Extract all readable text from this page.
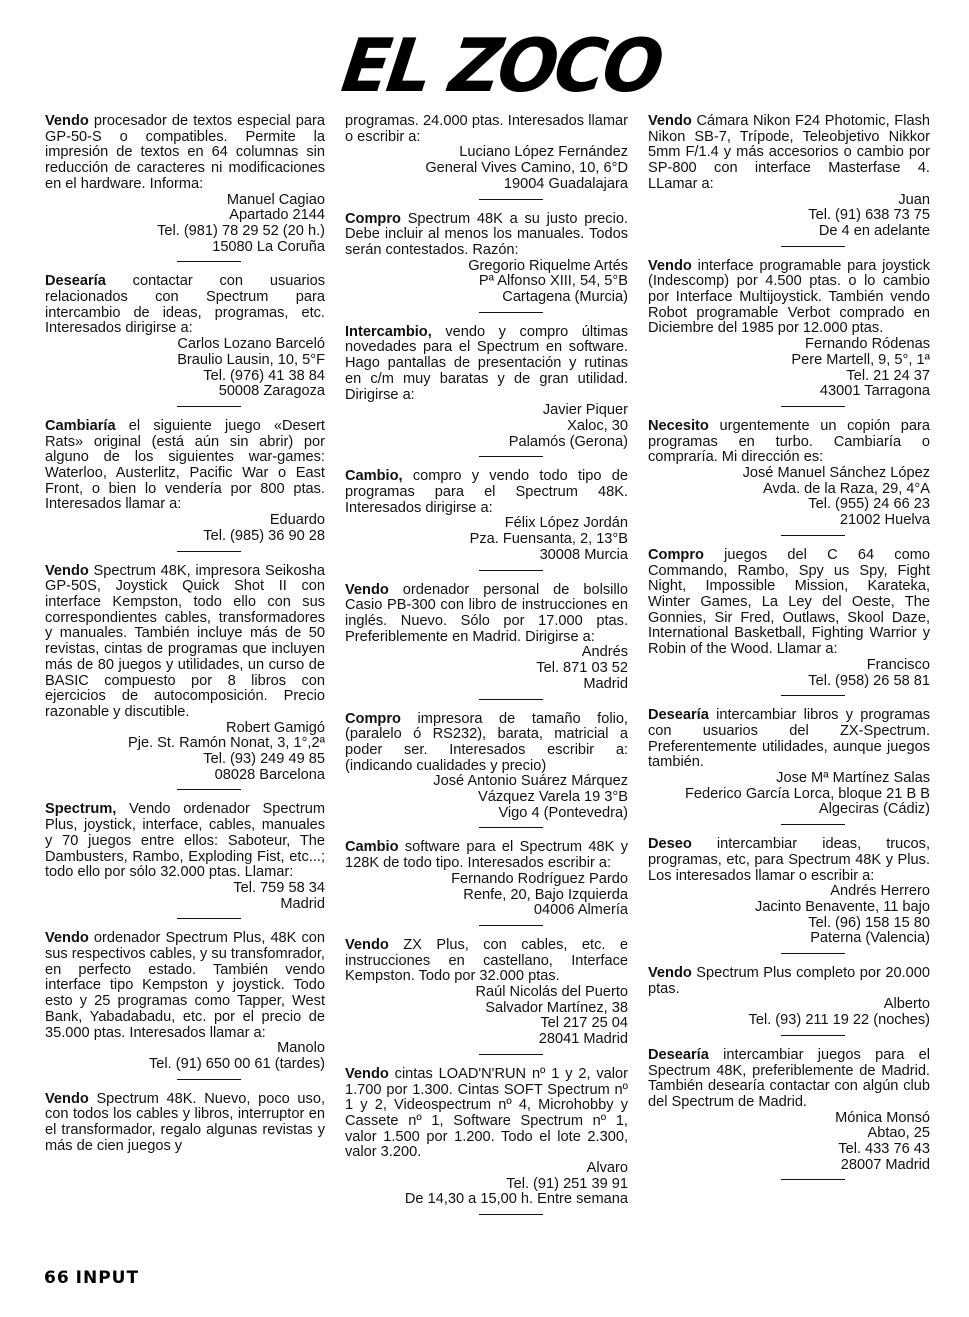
EL ZOCO

Vendo procesador de textos especial para GP-50-S o compatibles. Permite la impresión de textos en 64 columnas sin reducción de caracteres ni modificaciones en el hardware. Informa:

Manuel Cagiao
Apartado 2144
Tel. (981) 78 29 52 (20 h.)
15080 La Coruña

Desearía contactar con usuarios relacionados con Spectrum para intercambio de ideas, programas, etc. Interesados dirigirse a:

Carlos Lozano Barceló
Braulio Lausin, 10, 5°F
Tel. (976) 41 38 84
50008 Zaragoza

Cambiaría el siguiente juego «Desert Rats» original (está aún sin abrir) por alguno de los siguientes war-games: Waterloo, Austerlitz, Pacific War o East Front, o bien lo vendería por 800 ptas. Interesados llamar a:

Eduardo
Tel. (985) 36 90 28

Vendo Spectrum 48K, impresora Seikosha GP-50S, Joystick Quick Shot II con interface Kempston, todo ello con sus correspondientes cables, transformadores y manuales. También incluye más de 50 revistas, cintas de programas que incluyen más de 80 juegos y utilidades, un curso de BASIC compuesto por 8 libros con ejercicios de autocomposición. Precio razonable y discutible.

Robert Gamigó
Pje. St. Ramón Nonat, 3, 1°,2ª
Tel. (93) 249 49 85
08028 Barcelona

Spectrum, Vendo ordenador Spectrum Plus, joystick, interface, cables, manuales y 70 juegos entre ellos: Saboteur, The Dambusters, Rambo, Exploding Fist, etc...; todo ello por sólo 32.000 ptas. Llamar:

Tel. 759 58 34
Madrid

Vendo ordenador Spectrum Plus, 48K con sus respectivos cables, y su transfomrador, en perfecto estado. También vendo interface tipo Kempston y joystick. Todo esto y 25 programas como Tapper, West Bank, Yabadabadu, etc. por el precio de 35.000 ptas. Interesados llamar a:

Manolo
Tel. (91) 650 00 61 (tardes)

Vendo Spectrum 48K. Nuevo, poco uso, con todos los cables y libros, interruptor en el transformador, regalo algunas revistas y más de cien juegos y

programas. 24.000 ptas. Interesados llamar o escribir a:

Luciano López Fernández
General Vives Camino, 10, 6°D
19004 Guadalajara

Compro Spectrum 48K a su justo precio. Debe incluir al menos los manuales. Todos serán contestados. Razón:

Gregorio Riquelme Artés
Pª Alfonso XIII, 54, 5°B
Cartagena (Murcia)

Intercambio, vendo y compro últimas novedades para el Spectrum en software. Hago pantallas de presentación y rutinas en c/m muy baratas y de gran utilidad. Dirigirse a:

Javier Piquer
Xaloc, 30
Palamós (Gerona)

Cambio, compro y vendo todo tipo de programas para el Spectrum 48K. Interesados dirigirse a:

Félix López Jordán
Pza. Fuensanta, 2, 13°B
30008 Murcia

Vendo ordenador personal de bolsillo Casio PB-300 con libro de instrucciones en inglés. Nuevo. Sólo por 17.000 ptas. Preferiblemente en Madrid. Dirigirse a:

Andrés
Tel. 871 03 52
Madrid

Compro impresora de tamaño folio, (paralelo ó RS232), barata, matricial a poder ser. Interesados escribir a: (indicando cualidades y precio)

José Antonio Suárez Márquez
Vázquez Varela 19 3°B
Vigo 4 (Pontevedra)

Cambio software para el Spectrum 48K y 128K de todo tipo. Interesados escribir a:

Fernando Rodríguez Pardo
Renfe, 20, Bajo Izquierda
04006 Almería

Vendo ZX Plus, con cables, etc. e instrucciones en castellano, Interface Kempston. Todo por 32.000 ptas.

Raúl Nicolás del Puerto
Salvador Martínez, 38
Tel 217 25 04
28041 Madrid

Vendo cintas LOAD'N'RUN nº 1 y 2, valor 1.700 por 1.300. Cintas SOFT Spectrum nº 1 y 2, Videospectrum nº 4, Microhobby y Cassete nº 1, Software Spectrum nº 1, valor 1.500 por 1.200. Todo el lote 2.300, valor 3.200.

Alvaro
Tel. (91) 251 39 91
De 14,30 a 15,00 h. Entre semana

Vendo Cámara Nikon F24 Photomic, Flash Nikon SB-7, Trípode, Teleobjetivo Nikkor 5mm F/1.4 y más accesorios o cambio por SP-800 con interface Masterfase 4. LLamar a:

Juan
Tel. (91) 638 73 75
De 4 en adelante

Vendo interface programable para joystick (Indescomp) por 4.500 ptas. o lo cambio por Interface Multijoystick. También vendo Robot programable Verbot comprado en Diciembre del 1985 por 12.000 ptas.

Fernando Ródenas
Pere Martell, 9, 5°, 1ª
Tel. 21 24 37
43001 Tarragona

Necesito urgentemente un copión para programas en turbo. Cambiaría o compraría. Mi dirección es:

José Manuel Sánchez López
Avda. de la Raza, 29, 4°A
Tel. (955) 24 66 23
21002 Huelva

Compro juegos del C 64 como Commando, Rambo, Spy us Spy, Fight Night, Impossible Mission, Karateka, Winter Games, La Ley del Oeste, The Gonnies, Sir Fred, Outlaws, Skool Daze, International Basketball, Fighting Warrior y Robin of the Wood. Llamar a:

Francisco
Tel. (958) 26 58 81

Desearía intercambiar libros y programas con usuarios del ZX-Spectrum. Preferentemente utilidades, aunque juegos también.

Jose Mª Martínez Salas
Federico García Lorca, bloque 21 B B
Algeciras (Cádiz)

Deseo intercambiar ideas, trucos, programas, etc, para Spectrum 48K y Plus. Los interesados llamar o escribir a:

Andrés Herrero
Jacinto Benavente, 11 bajo
Tel. (96) 158 15 80
Paterna (Valencia)

Vendo Spectrum Plus completo por 20.000 ptas.

Alberto
Tel. (93) 211 19 22 (noches)

Desearía intercambiar juegos para el Spectrum 48K, preferiblemente de Madrid. También desearía contactar con algún club del Spectrum de Madrid.

Mónica Monsó
Abtao, 25
Tel. 433 76 43
28007 Madrid
66 INPUT
